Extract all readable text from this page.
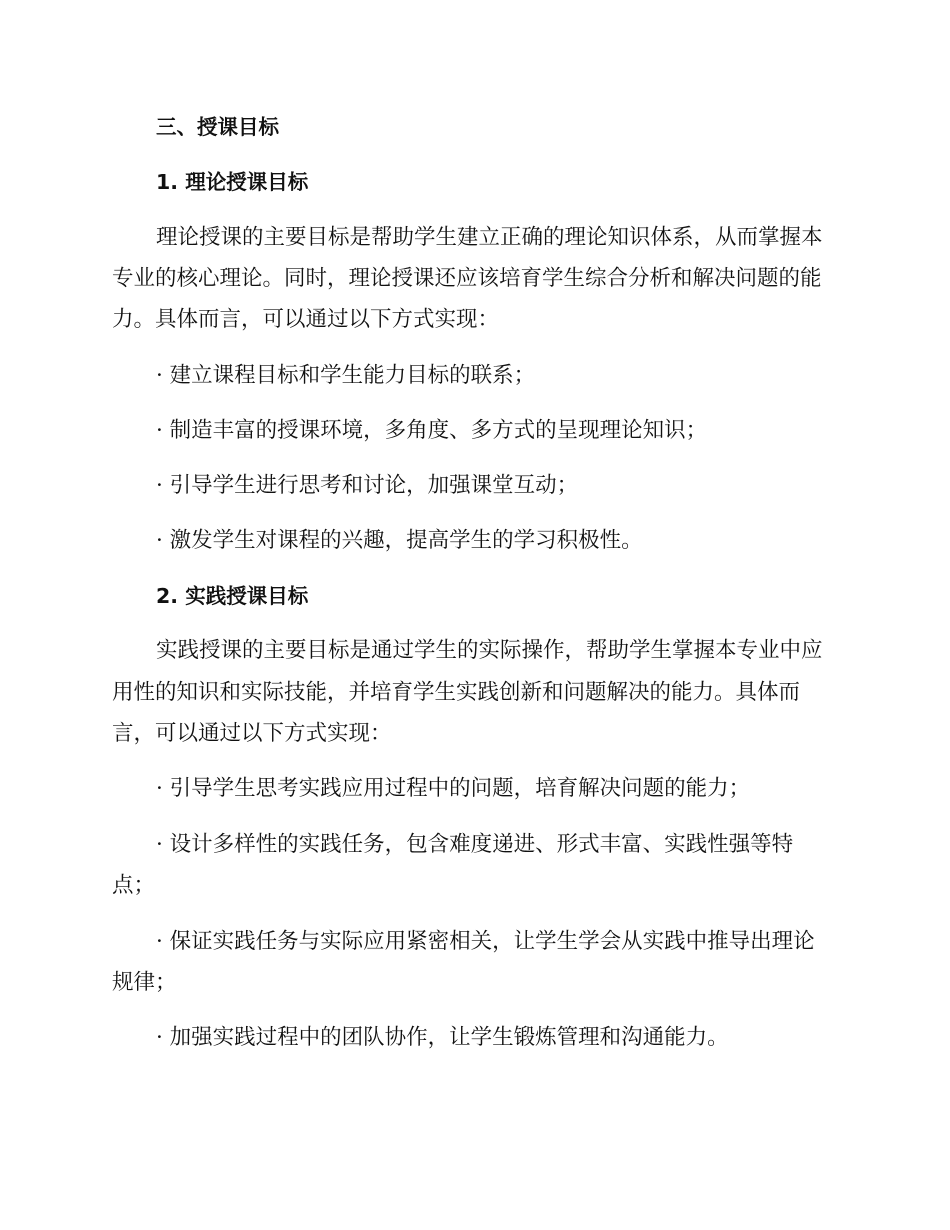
三、授课目标
1. 理论授课目标
理论授课的主要目标是帮助学生建立正确的理论知识体系，从而掌握本
专业的核心理论。同时，理论授课还应该培育学生综合分析和解决问题的能
力。具体而言，可以通过以下方式实现：
· 建立课程目标和学生能力目标的联系；
· 制造丰富的授课环境，多角度、多方式的呈现理论知识；
· 引导学生进行思考和讨论，加强课堂互动；
· 激发学生对课程的兴趣，提高学生的学习积极性。
2. 实践授课目标
实践授课的主要目标是通过学生的实际操作，帮助学生掌握本专业中应
用性的知识和实际技能，并培育学生实践创新和问题解决的能力。具体而
言，可以通过以下方式实现：
· 引导学生思考实践应用过程中的问题，培育解决问题的能力；
· 设计多样性的实践任务，包含难度递进、形式丰富、实践性强等特
点；
· 保证实践任务与实际应用紧密相关，让学生学会从实践中推导出理论
规律；
· 加强实践过程中的团队协作，让学生锻炼管理和沟通能力。
